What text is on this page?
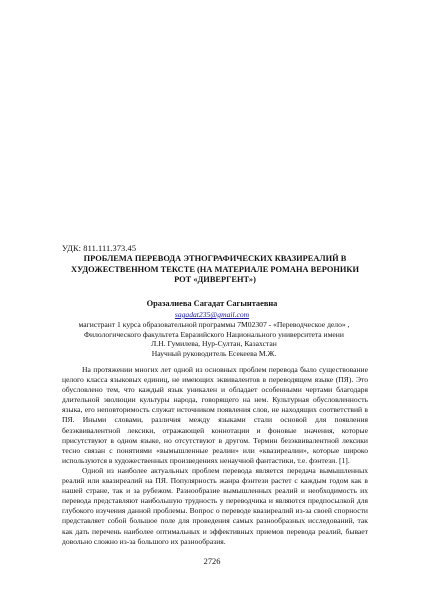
УДК: 811.111.373.45
ПРОБЛЕМА ПЕРЕВОДА ЭТНОГРАФИЧЕСКИХ КВАЗИРЕАЛИЙ В ХУДОЖЕСТВЕННОМ ТЕКСТЕ (НА МАТЕРИАЛЕ РОМАНА ВЕРОНИКИ РОТ «ДИВЕРГЕНТ»)
Оразалиева Сагадат Сагынтаевна
sagadat235@gmail.com
магистрант 1 курса образовательной программы 7M02307 - «Переводческое дело» ,
Филологического факультета Евразийского Национального университета имени
Л.Н. Гумилева, Нур-Султан, Казахстан
Научный руководитель Есекеева М.Ж.

На протяжении многих лет одной из основных проблем перевода было существование целого класса языковых единиц, не имеющих эквивалентов в переводящем языке (ПЯ). Это обусловлено тем, что каждый язык уникален и обладает особенными чертами благодаря длительной эволюции культуры народа, говорящего на нем. Культурная обусловленность языка, его неповторимость служат источником появления слов, не находящих соответствий в ПЯ. Иными словами, различия между языками стали основой для появления безэквивалентной лексики, отражающей коннотации и фоновые значения, которые присутствуют в одном языке, но отсутствуют в другом. Термин безэквивалентной лексики тесно связан с понятиями «вымышленные реалии» или «квазиреалии», которые широко используются в художественных произведениях ненаучной фантастики, т.е. фэнтези. [1].

Одной из наиболее актуальных проблем перевода является передача вымышленных реалий или квазиреалий на ПЯ. Популярность жанра фэнтези растет с каждым годом как в нашей стране, так и за рубежом. Разнообразие вымышленных реалий и необходимость их перевода представляют наибольшую трудность у переводчика и являются предпосылкой для глубокого изучения данной проблемы. Вопрос о переводе квазиреалий из-за своей спорности представляет собой большое поле для проведения самых разнообразных исследований, так как дать перечень наиболее оптимальных и эффективных приемов перевода реалий, бывает довольно сложно из-за большого их разнообразия.

2726
